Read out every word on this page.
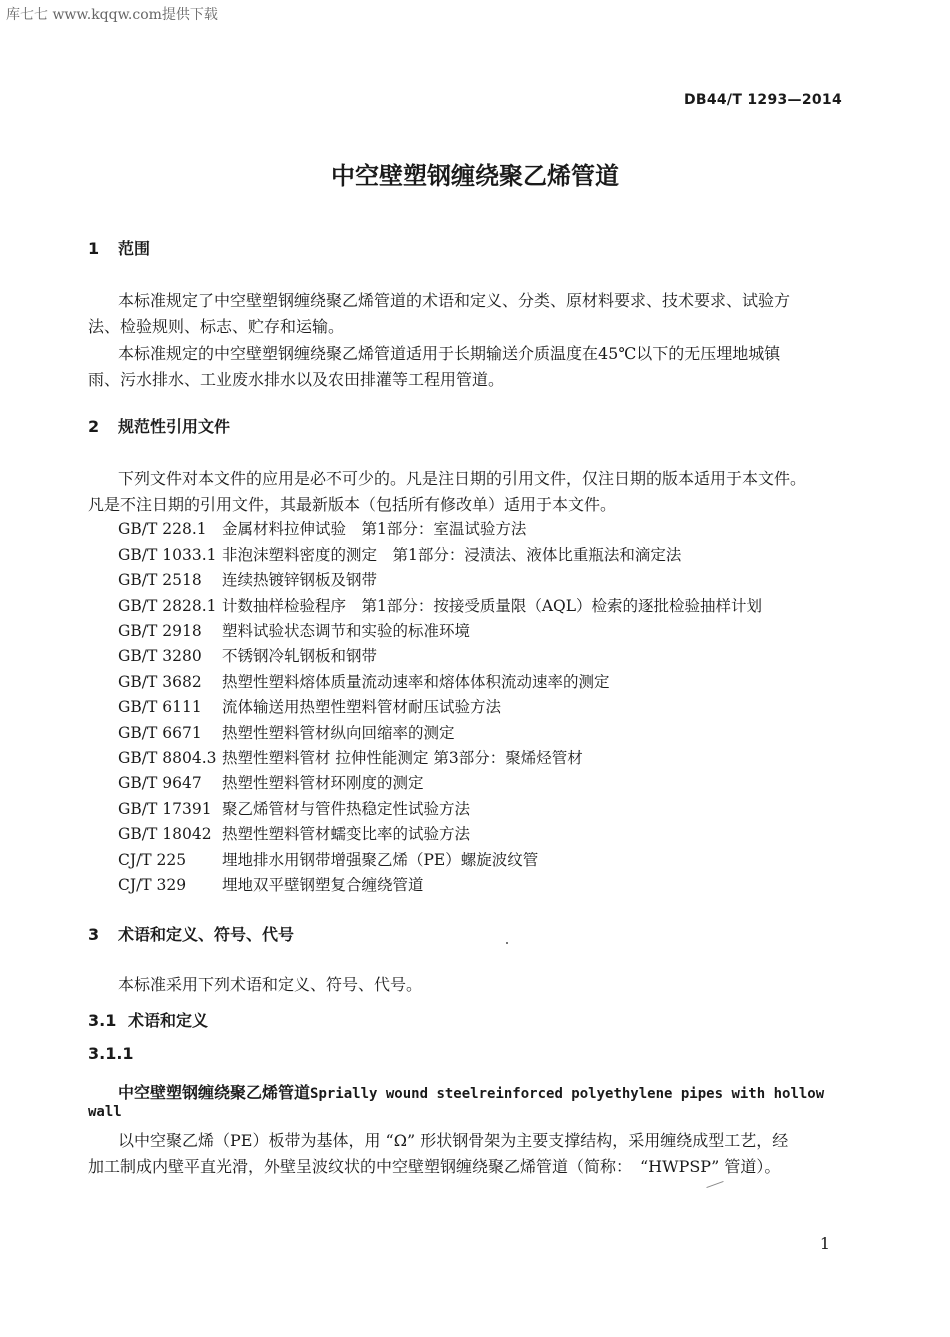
库七七 www.kqqw.com提供下载
DB44/T 1293—2014
中空壁塑钢缠绕聚乙烯管道
1 范围
本标准规定了中空壁塑钢缠绕聚乙烯管道的术语和定义、分类、原材料要求、技术要求、试验方
法、检验规则、标志、贮存和运输。
本标准规定的中空壁塑钢缠绕聚乙烯管道适用于长期输送介质温度在45℃以下的无压埋地城镇
雨、污水排水、工业废水排水以及农田排灌等工程用管道。
2 规范性引用文件
下列文件对本文件的应用是必不可少的。凡是注日期的引用文件，仅注日期的版本适用于本文件。
凡是不注日期的引用文件，其最新版本（包括所有修改单）适用于本文件。
GB/T 228.1 金属材料拉伸试验　第1部分：室温试验方法
GB/T 1033.1 非泡沫塑料密度的测定　第1部分：浸渍法、液体比重瓶法和滴定法
GB/T 2518 连续热镀锌钢板及钢带
GB/T 2828.1 计数抽样检验程序　第1部分：按接受质量限（AQL）检索的逐批检验抽样计划
GB/T 2918 塑料试验状态调节和实验的标准环境
GB/T 3280 不锈钢冷轧钢板和钢带
GB/T 3682 热塑性塑料熔体质量流动速率和熔体体积流动速率的测定
GB/T 6111 流体输送用热塑性塑料管材耐压试验方法
GB/T 6671 热塑性塑料管材纵向回缩率的测定
GB/T 8804.3 热塑性塑料管材 拉伸性能测定 第3部分：聚烯烃管材
GB/T 9647 热塑性塑料管材环刚度的测定
GB/T 17391 聚乙烯管材与管件热稳定性试验方法
GB/T 18042 热塑性塑料管材蠕变比率的试验方法
CJ/T 225 埋地排水用钢带增强聚乙烯（PE）螺旋波纹管
CJ/T 329 埋地双平壁钢塑复合缠绕管道
3 术语和定义、符号、代号
本标准采用下列术语和定义、符号、代号。
3.1 术语和定义
3.1.1
中空壁塑钢缠绕聚乙烯管道Sprially wound steelreinforced polyethylene pipes with hollow
wall
以中空聚乙烯（PE）板带为基体，用 “Ω” 形状钢骨架为主要支撑结构，采用缠绕成型工艺，经
加工制成内壁平直光滑，外壁呈波纹状的中空壁塑钢缠绕聚乙烯管道（简称：　“HWPSP” 管道）。
1
